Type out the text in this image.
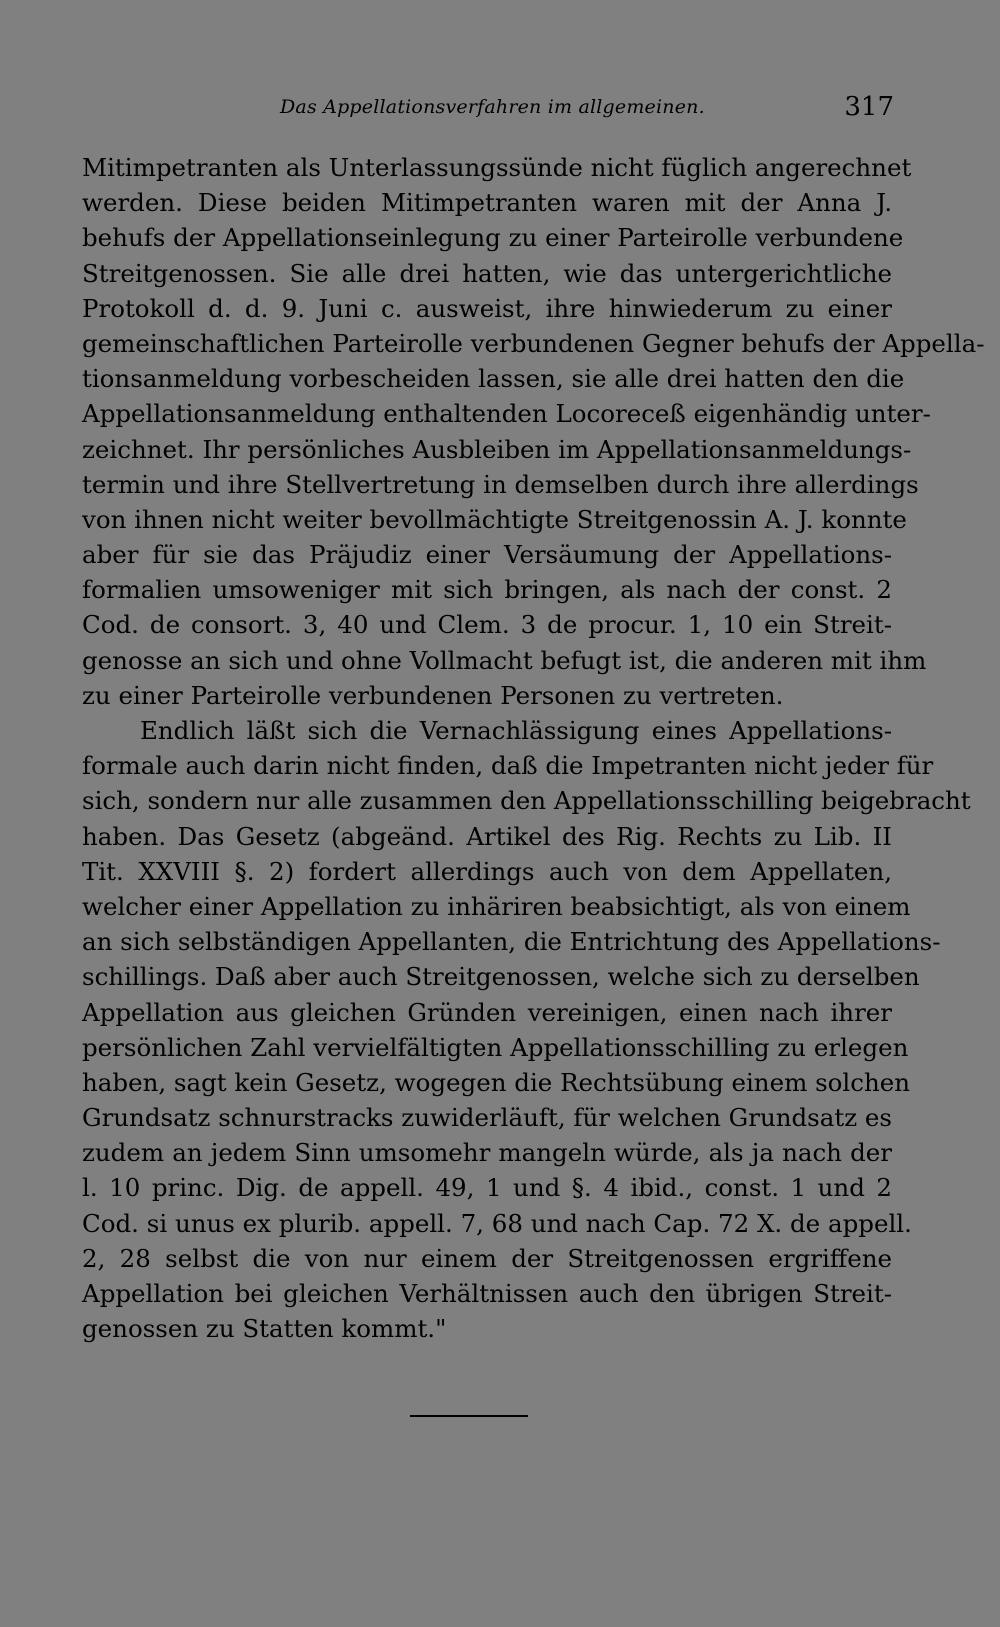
Das Appellationsverfahren im allgemeinen.	317
Mitimpetranten als Unterlassungssünde nicht füglich angerechnet
werden. Diese beiden Mitimpetranten waren mit der Anna J.
behufs der Appellationseinlegung zu einer Parteirolle verbundene
Streitgenossen. Sie alle drei hatten, wie das untergerichtliche
Protokoll d. d. 9. Juni c. ausweist, ihre hinwiederum zu einer
gemeinschaftlichen Parteirolle verbundenen Gegner behufs der Appella-
tionsanmeldung vorbescheiden lassen, sie alle drei hatten den die
Appellationsanmeldung enthaltenden Locoreceß eigenhändig unter-
zeichnet. Ihr persönliches Ausbleiben im Appellationsanmeldungs-
termin und ihre Stellvertretung in demselben durch ihre allerdings
von ihnen nicht weiter bevollmächtigte Streitgenossin A. J. konnte
aber für sie das Präjudiz einer Versäumung der Appellations-
formalien umsoweniger mit sich bringen, als nach der const. 2
Cod. de consort. 3, 40 und Clem. 3 de procur. 1, 10 ein Streit-
genosse an sich und ohne Vollmacht befugt ist, die anderen mit ihm
zu einer Parteirolle verbundenen Personen zu vertreten.
Endlich läßt sich die Vernachlässigung eines Appellations-
formale auch darin nicht finden, daß die Impetranten nicht jeder für
sich, sondern nur alle zusammen den Appellationsschilling beigebracht
haben. Das Gesetz (abgeänd. Artikel des Rig. Rechts zu Lib. II
Tit. XXVIII §. 2) fordert allerdings auch von dem Appellaten,
welcher einer Appellation zu inhäriren beabsichtigt, als von einem
an sich selbständigen Appellanten, die Entrichtung des Appellations-
schillings. Daß aber auch Streitgenossen, welche sich zu derselben
Appellation aus gleichen Gründen vereinigen, einen nach ihrer
persönlichen Zahl vervielfältigten Appellationsschilling zu erlegen
haben, sagt kein Gesetz, wogegen die Rechtsübung einem solchen
Grundsatz schnurstracks zuwiderläuft, für welchen Grundsatz es
zudem an jedem Sinn umsomehr mangeln würde, als ja nach der
l. 10 princ. Dig. de appell. 49, 1 und §. 4 ibid., const. 1 und 2
Cod. si unus ex plurib. appell. 7, 68 und nach Cap. 72 X. de appell.
2, 28 selbst die von nur einem der Streitgenossen ergriffene
Appellation bei gleichen Verhältnissen auch den übrigen Streit-
genossen zu Statten kommt."
